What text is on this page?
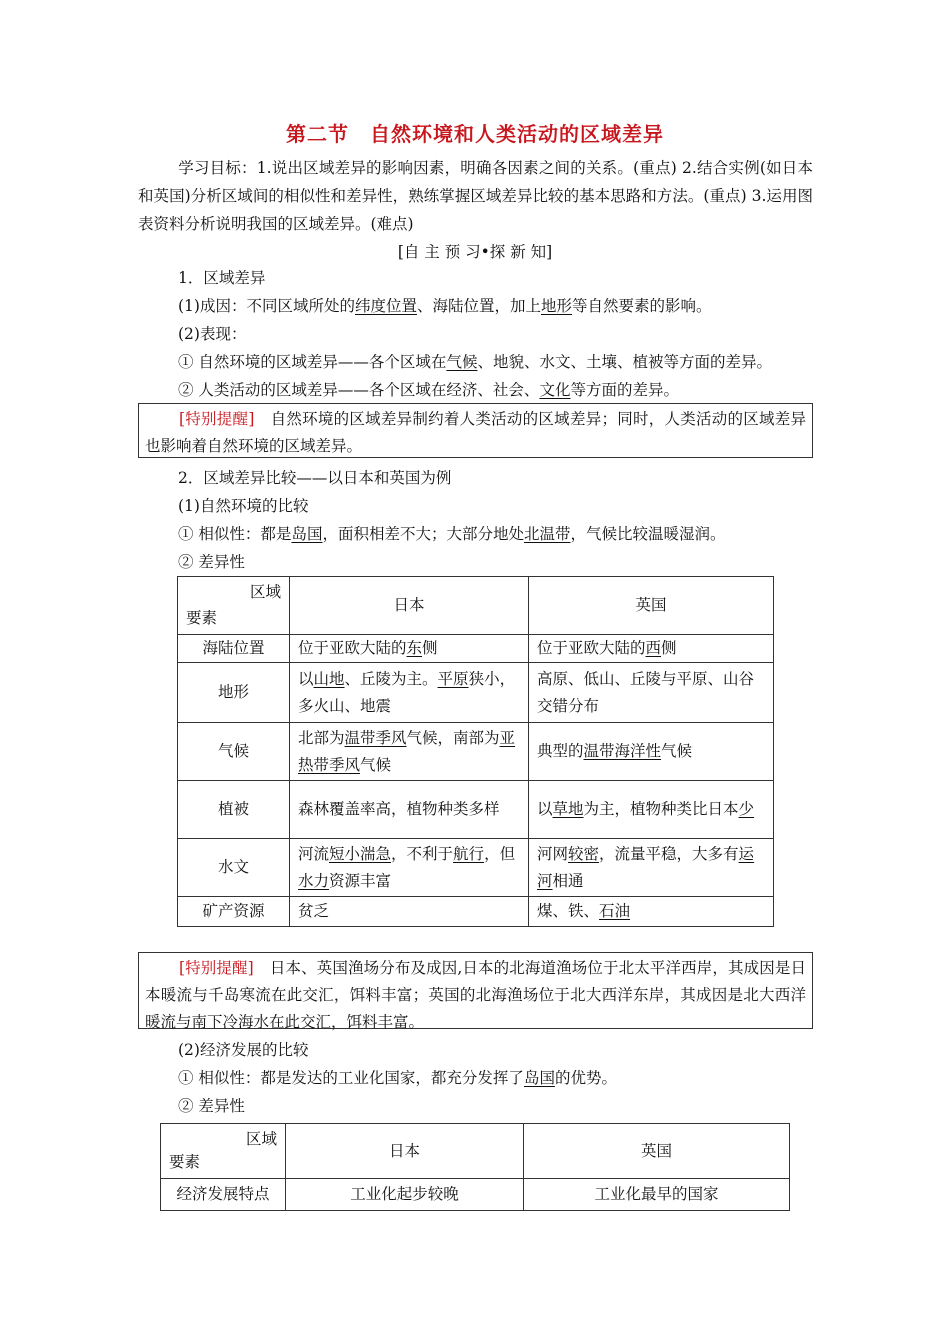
第二节　自然环境和人类活动的区域差异
学习目标：1.说出区域差异的影响因素，明确各因素之间的关系。(重点) 2.结合实例(如日本和英国)分析区域间的相似性和差异性，熟练掌握区域差异比较的基本思路和方法。(重点) 3.运用图表资料分析说明我国的区域差异。(难点)
[自 主 预 习•探 新 知]
1．区域差异
(1)成因：不同区域所处的纬度位置、海陆位置，加上地形等自然要素的影响。
(2)表现：
① 自然环境的区域差异——各个区域在气候、地貌、水文、土壤、植被等方面的差异。
② 人类活动的区域差异——各个区域在经济、社会、文化等方面的差异。
[特别提醒] 自然环境的区域差异制约着人类活动的区域差异；同时，人类活动的区域差异也影响着自然环境的区域差异。
2．区域差异比较——以日本和英国为例
(1)自然环境的比较
① 相似性：都是岛国，面积相差不大；大部分地处北温带，气候比较温暖湿润。
② 差异性
区域
要素	日本	英国
海陆位置	位于亚欧大陆的东侧	位于亚欧大陆的西侧
地形	以山地、丘陵为主。平原狭小，多火山、地震	高原、低山、丘陵与平原、山谷交错分布
气候	北部为温带季风气候，南部为亚热带季风气候	典型的温带海洋性气候
植被	森林覆盖率高，植物种类多样	以草地为主，植物种类比日本少
水文	河流短小湍急，不利于航行，但水力资源丰富	河网较密，流量平稳，大多有运河相通
矿产资源	贫乏	煤、铁、石油
[特别提醒] 日本、英国渔场分布及成因,日本的北海道渔场位于北太平洋西岸，其成因是日本暖流与千岛寒流在此交汇，饵料丰富；英国的北海渔场位于北大西洋东岸，其成因是北大西洋暖流与南下冷海水在此交汇，饵料丰富。
(2)经济发展的比较
① 相似性：都是发达的工业化国家，都充分发挥了岛国的优势。
② 差异性
区域
要素	日本	英国
经济发展特点	工业化起步较晚	工业化最早的国家
